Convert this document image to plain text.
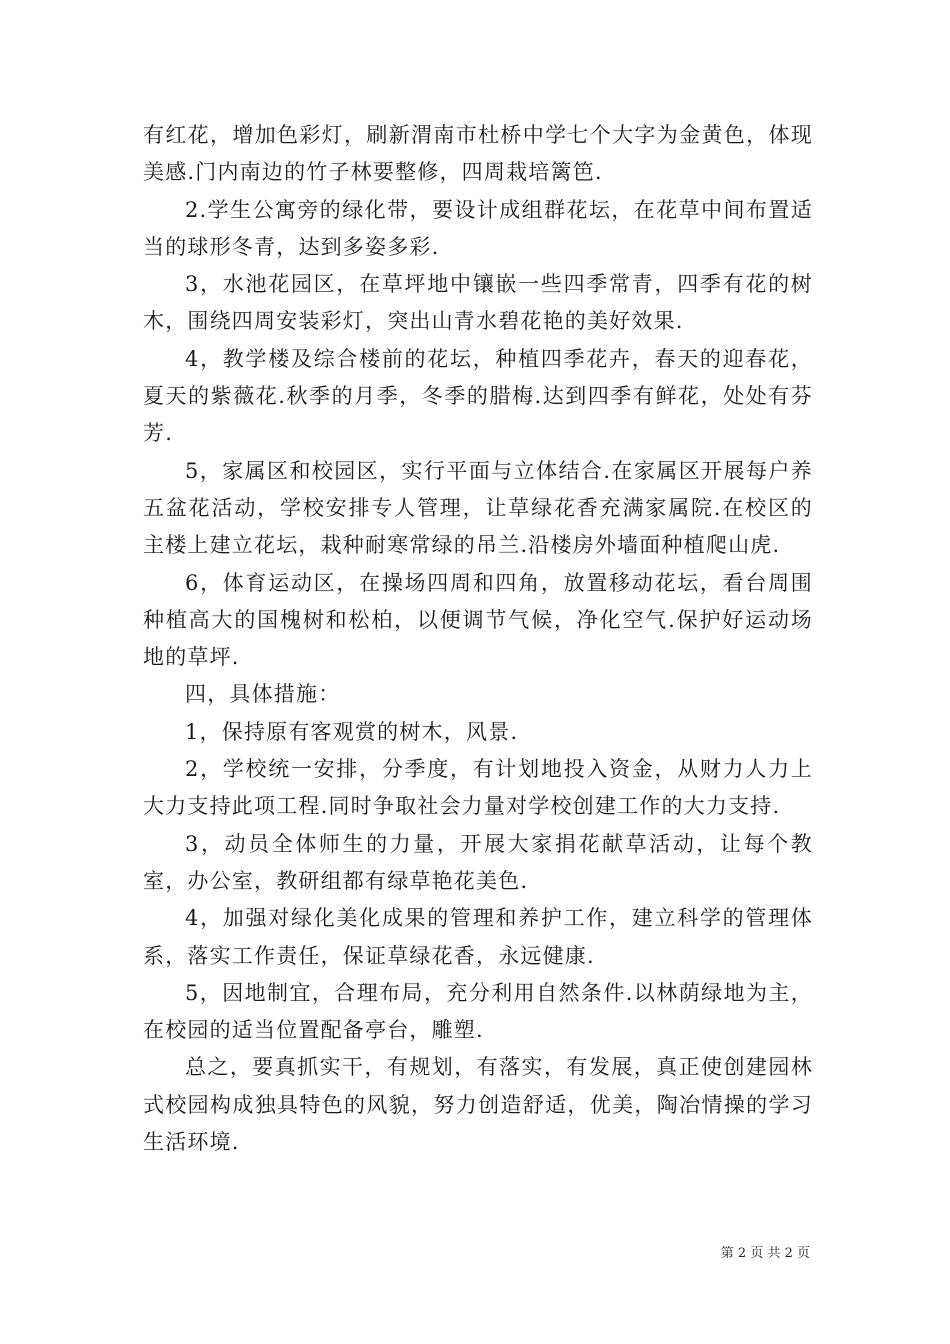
有红花，增加色彩灯，刷新渭南市杜桥中学七个大字为金黄色，体现美感.门内南边的竹子林要整修，四周栽培篱笆.

2.学生公寓旁的绿化带，要设计成组群花坛，在花草中间布置适当的球形冬青，达到多姿多彩.

3，水池花园区，在草坪地中镶嵌一些四季常青，四季有花的树木，围绕四周安装彩灯，突出山青水碧花艳的美好效果.

4，教学楼及综合楼前的花坛，种植四季花卉，春天的迎春花，夏天的紫薇花.秋季的月季，冬季的腊梅.达到四季有鲜花，处处有芬芳.

5，家属区和校园区，实行平面与立体结合.在家属区开展每户养五盆花活动，学校安排专人管理，让草绿花香充满家属院.在校区的主楼上建立花坛，栽种耐寒常绿的吊兰.沿楼房外墙面种植爬山虎.

6，体育运动区，在操场四周和四角，放置移动花坛，看台周围种植高大的国槐树和松柏，以便调节气候，净化空气.保护好运动场地的草坪.

四，具体措施：

1，保持原有客观赏的树木，风景.

2，学校统一安排，分季度，有计划地投入资金，从财力人力上大力支持此项工程.同时争取社会力量对学校创建工作的大力支持.

3，动员全体师生的力量，开展大家捐花献草活动，让每个教室，办公室，教研组都有绿草艳花美色.

4，加强对绿化美化成果的管理和养护工作，建立科学的管理体系，落实工作责任，保证草绿花香，永远健康.

5，因地制宜，合理布局，充分利用自然条件.以林荫绿地为主，在校园的适当位置配备亭台，雕塑.

总之，要真抓实干，有规划，有落实，有发展，真正使创建园林式校园构成独具特色的风貌，努力创造舒适，优美，陶冶情操的学习生活环境.

第 2 页 共 2 页
